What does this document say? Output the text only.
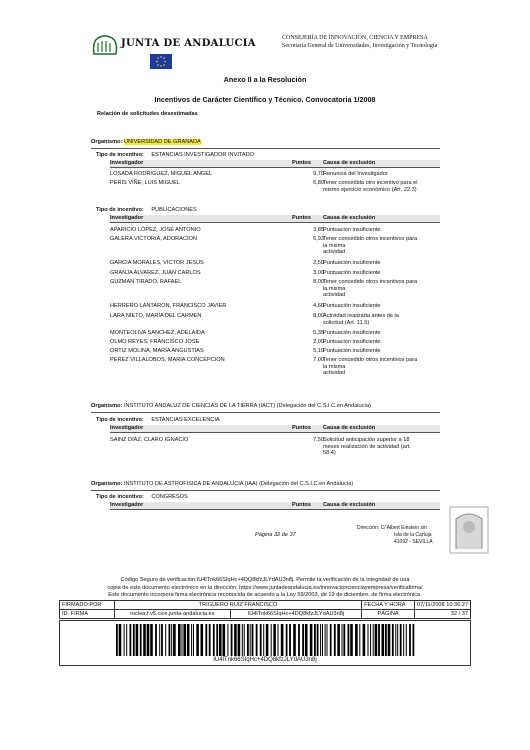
JUNTA DE ANDALUCIA	CONSEJERÍA DE INNOVACIÓN, CIENCIA Y EMPRESA
Secretaría General de Universidades, Investigación y Tecnología
Anexo II a la Resolución
Incentivos de Carácter Científico y Técnico. Convocatoria 1/2008
Relación de solicitudes desestimadas
Organismo: UNIVERSIDAD DE GRANADA
Tipo de incentivo: ESTANCIAS INVESTIGADOR INVITADO
Investigador	Puntos Causa de exclusión
LOSADA RODRIGUEZ, MIGUEL ANGEL	9,70 Renuncia del Investigador
PERIS VIÑE, LUIS MIGUEL	6,80 Tener concedida otro incentivo para el
mismo ejercicio económico (Art. 22.3)
Tipo de incentivo: PUBLICACIONES
Investigador	Puntos Causa de exclusión
APARICIO LÓPEZ, JOSÉ ANTONIO	3,85 Puntuación insuficiente
GALERA VICTORIA, ADORACION	6,93 Tener concedido otros incentivos para
la misma
actividad
GARCIA MORALES, VICTOR JESUS	2,50 Puntuación insuficiente
GRANJA ALVAREZ, JUAN CARLOS	3,00 Puntuación insuficiente
GUZMAN TIRADO, RAFAEL	8,00 Tener concedido otros incentivos para
la misma
actividad
HERRERO LANTARON, FRANCISCO JAVIER	4,60 Puntuación insuficiente
LARA NIETO, MARÍA DEL CARMEN	8,00 Actividad realizada antes de la
solicitud (Art. 11.5)
MONTEOLIVA SANCHEZ, ADELAIDA	5,35 Puntuación insuficiente
OLMO REYES, FRANCISCO JOSE	2,00 Puntuación insuficiente
ORTIZ MOLINA, MARÍA ANGUSTIAS	5,10 Puntuación insuficiente
PEREZ VILLALOBOS, MARIA CONCEPCION	7,00 Tener concedido otros incentivos para
la misma
actividad
Organismo: INSTITUTO ANDALUZ DE CIENCIAS DE LA TIERRA (IACT) (Delegación del C.S.I.C.en Andalucía)
Tipo de incentivo: ESTANCIAS EXCELENCIA
Investigador	Puntos Causa de exclusión
SAINZ DIAZ, CLARO IGNACIO	7,50 Solicitud anticipación superior a 18
meses realización de actividad (art.
58.4)
Organismo: INSTITUTO DE ASTROFISICA DE ANDALUCIA (IAA) (Delegación del C.S.I.C.en Andalucía)
Tipo de incentivo: CONGRESOS
Investigador	Puntos Causa de exclusión
Página 32 de 37
Dirección: C/ Albert Einstein s/n
Isla de la Cartuja
41092 - SEVILLA
Código Seguro de verificación:IU4lTnk66SIqHc+4DQ8kfzJLYdAU3n8j. Permite la verificación de la integridad de una
copia de este documento electrónico en la dirección: https://www.juntadeandalucia.es/innovacioncienciayempresa/verificafirma/
Este documento incorpora firma electrónica reconocida de acuerdo a la Ley 59/2003, de 19 de diciembre, de firma electrónica.
FIRMADO POR	TRIGUERO RUIZ FRANCISCO		FECHA Y HORA	07/11/2008 10:36:27
ID. FIRMA	ruclea.f.v5.cice.junta-andalucia.es	IU4lTnk66SIqHc+4DQ8kfzJLYdAU3n8j	PÁGINA	32 / 37
IU4lTnk66SIqHc+4DQ8kfzJLYdAU3n8j
